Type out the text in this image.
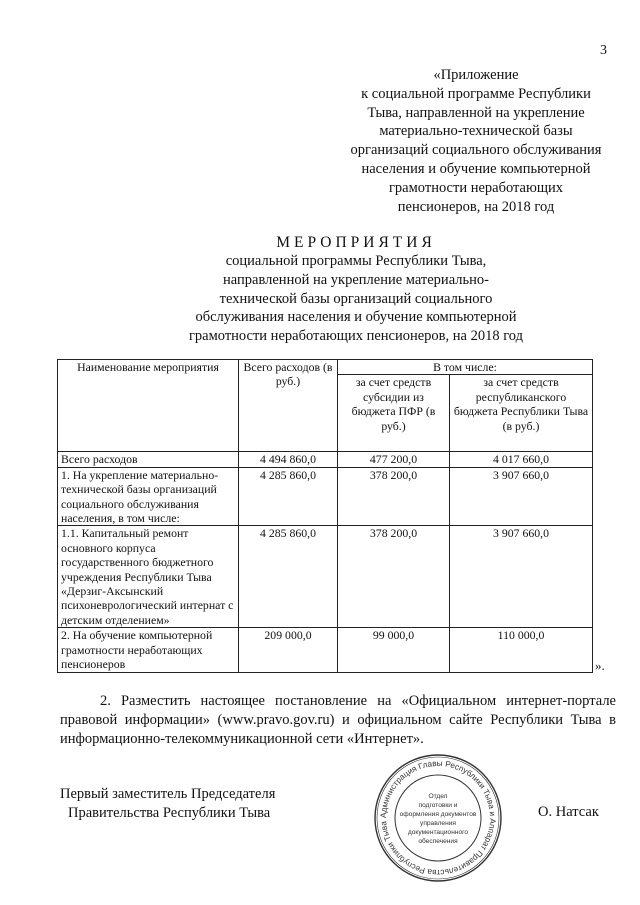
3
«Приложение
к социальной программе Республики
Тыва, направленной на укрепление
материально-технической базы
организаций социального обслуживания
населения и обучение компьютерной
грамотности неработающих
пенсионеров, на 2018 год
МЕРОПРИЯТИЯ
социальной программы Республики Тыва,
направленной на укрепление материально-
технической базы организаций социального
обслуживания населения и обучение компьютерной
грамотности неработающих пенсионеров, на 2018 год
Наименование мероприятия	Всего расходов (в руб.)	В том числе:	
		за счет средств субсидии из бюджета ПФР (в руб.)	за счет средств республиканского бюджета Республики Тыва (в руб.)
Всего расходов	4 494 860,0	477 200,0	4 017 660,0
1. На укрепление материально-технической базы организаций социального обслуживания населения, в том числе:	4 285 860,0	378 200,0	3 907 660,0
1.1. Капитальный ремонт основного корпуса государственного бюджетного учреждения Республики Тыва «Дерзиг-Аксынский психоневрологический интернат с детским отделением»	4 285 860,0	378 200,0	3 907 660,0
2. На обучение компьютерной грамотности неработающих пенсионеров	209 000,0	99 000,0	110 000,0
».
2. Разместить настоящее постановление на «Официальном интернет-портале правовой информации» (www.pravo.gov.ru) и официальном сайте Республики Тыва в информационно-телекоммуникационной сети «Интернет».
Первый заместитель Председателя
Правительства Республики Тыва	Администрация Главы Республики Тыва и Аппарат Правительства Республики Тыва
Отдел
подготовки и
оформления документов
управления
документационного
обеспечения
О. Натсак
